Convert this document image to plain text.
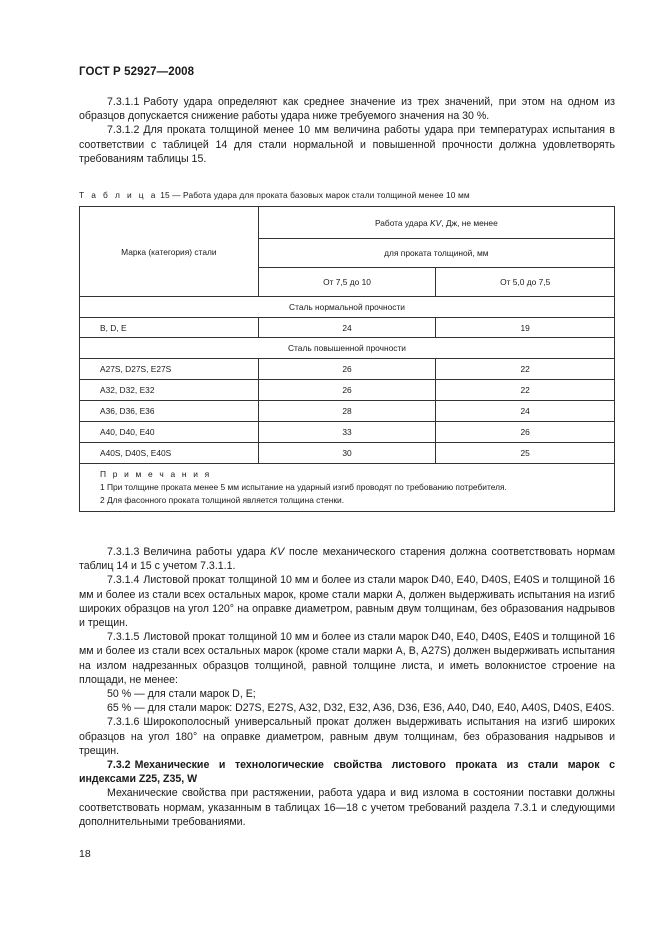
ГОСТ Р 52927—2008

7.3.1.1 Работу удара определяют как среднее значение из трех значений, при этом на одном из образцов допускается снижение работы удара ниже требуемого значения на 30 %.

7.3.1.2 Для проката толщиной менее 10 мм величина работы удара при температурах испытания в соответствии с таблицей 14 для стали нормальной и повышенной прочности должна удовлетворять требованиям таблицы 15.

Т а б л и ц а 15 — Работа удара для проката базовых марок стали толщиной менее 10 мм
Марка (категория) стали	Работа удара KV, Дж, не менее	
	для проката толщиной, мм	
	От 7,5 до 10	От 5,0 до 7,5
Сталь нормальной прочности		
B, D, E	24	19
Сталь повышенной прочности		
A27S, D27S, E27S	26	22
A32, D32, E32	26	22
A36, D36, E36	28	24
A40, D40, E40	33	26
A40S, D40S, E40S	30	25

П р и м е ч а н и я
1 При толщине проката менее 5 мм испытание на ударный изгиб проводят по требованию потребителя.
2 Для фасонного проката толщиной является толщина стенки.		

7.3.1.3 Величина работы удара KV после механического старения должна соответствовать нормам таблиц 14 и 15 с учетом 7.3.1.1.

7.3.1.4 Листовой прокат толщиной 10 мм и более из стали марок D40, E40, D40S, E40S и толщиной 16 мм и более из стали всех остальных марок, кроме стали марки А, должен выдерживать испытания на изгиб широких образцов на угол 120° на оправке диаметром, равным двум толщинам, без образования надрывов и трещин.

7.3.1.5 Листовой прокат толщиной 10 мм и более из стали марок D40, E40, D40S, E40S и толщиной 16 мм и более из стали всех остальных марок (кроме стали марки A, B, A27S) должен выдерживать испытания на излом надрезанных образцов толщиной, равной толщине листа, и иметь волокнистое строение на площади, не менее:

50 % — для стали марок D, E;

65 % — для стали марок: D27S, E27S, A32, D32, E32, A36, D36, E36, A40, D40, E40, A40S, D40S, E40S.

7.3.1.6 Широкополосный универсальный прокат должен выдерживать испытания на изгиб широких образцов на угол 180° на оправке диаметром, равным двум толщинам, без образования надрывов и трещин.

7.3.2 Механические и технологические свойства листового проката из стали марок с индексами Z25, Z35, W

Механические свойства при растяжении, работа удара и вид излома в состоянии поставки должны соответствовать нормам, указанным в таблицах 16—18 с учетом требований раздела 7.3.1 и следующими дополнительными требованиями.

18
